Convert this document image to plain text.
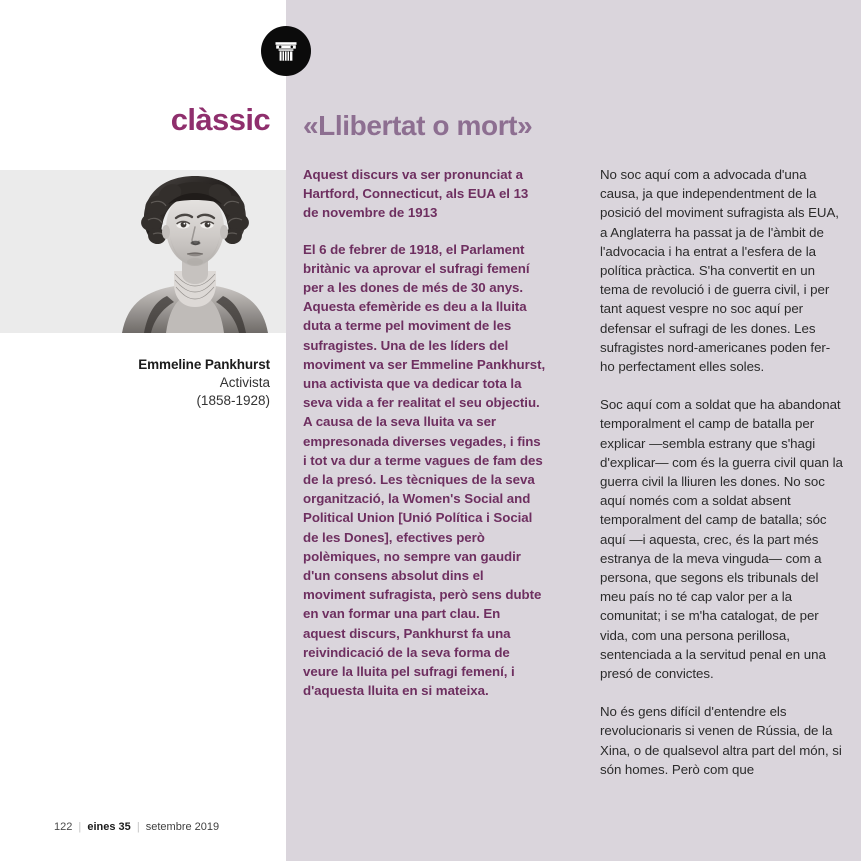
clàssic
Emmeline Pankhurst
Activista
(1858-1928)
122 | eines 35 | setembre 2019
«Llibertat o mort»

Aquest discurs va ser pronunciat a Hartford, Connecticut, als EUA el 13 de novembre de 1913

El 6 de febrer de 1918, el Parlament britànic va aprovar el sufragi femení per a les dones de més de 30 anys. Aquesta efemèride es deu a la lluita duta a terme pel moviment de les sufragistes. Una de les líders del moviment va ser Emmeline Pankhurst, una activista que va dedicar tota la seva vida a fer realitat el seu objectiu. A causa de la seva lluita va ser empresonada diverses vegades, i fins i tot va dur a terme vagues de fam des de la presó. Les tècniques de la seva organització, la Women's Social and Political Union [Unió Política i Social de les Dones], efectives però polèmiques, no sempre van gaudir d'un consens absolut dins el moviment sufragista, però sens dubte en van formar una part clau. En aquest discurs, Pankhurst fa una reivindicació de la seva forma de veure la lluita pel sufragi femení, i d'aquesta lluita en si mateixa.

No soc aquí com a advocada d'una causa, ja que independentment de la posició del moviment sufragista als EUA, a Anglaterra ha passat ja de l'àmbit de l'advocacia i ha entrat a l'esfera de la política pràctica. S'ha convertit en un tema de revolució i de guerra civil, i per tant aquest vespre no soc aquí per defensar el sufragi de les dones. Les sufragistes nord-americanes poden fer-ho perfectament elles soles.

Soc aquí com a soldat que ha abandonat temporalment el camp de batalla per explicar —sembla estrany que s'hagi d'explicar— com és la guerra civil quan la guerra civil la lliuren les dones. No soc aquí només com a soldat absent temporalment del camp de batalla; sóc aquí —i aquesta, crec, és la part més estranya de la meva vinguda— com a persona, que segons els tribunals del meu país no té cap valor per a la comunitat; i se m'ha catalogat, de per vida, com una persona perillosa, sentenciada a la servitud penal en una presó de convictes.

No és gens difícil d'entendre els revolucionaris si venen de Rússia, de la Xina, o de qualsevol altra part del món, si són homes. Però com que
